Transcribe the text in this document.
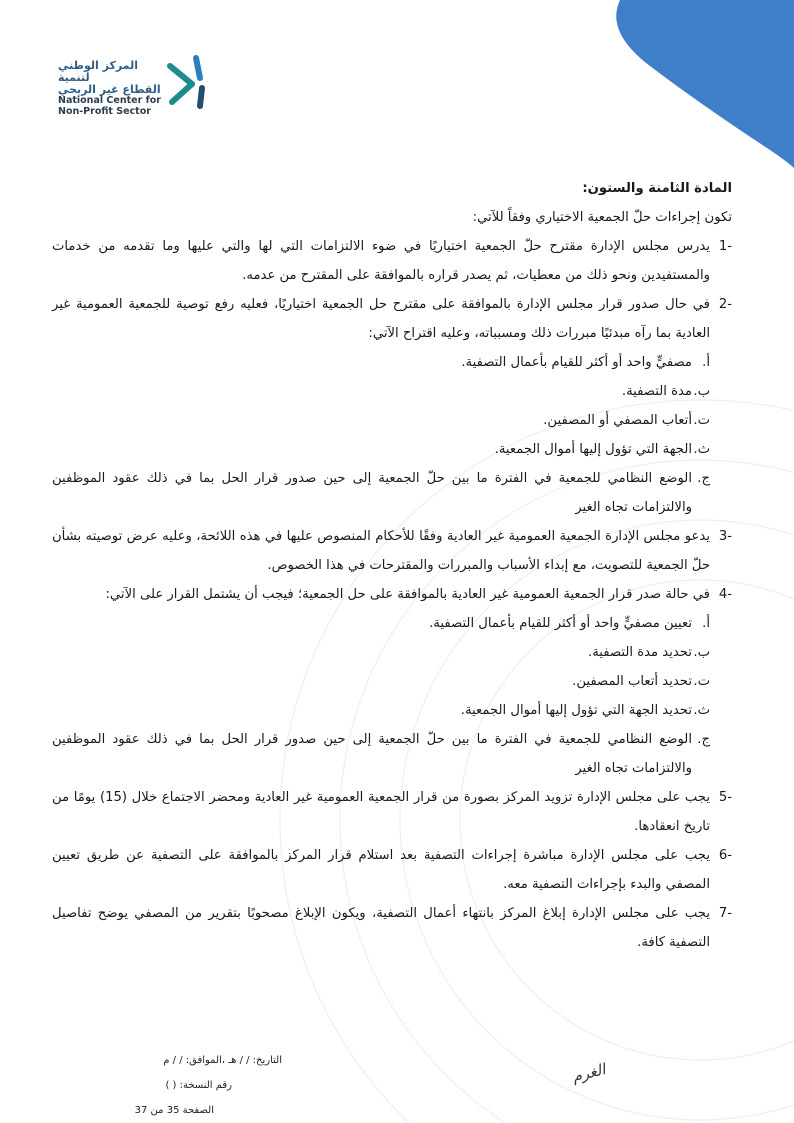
المركز الوطني لتنمية
القطاع غير الربحي
National Center for
Non-Profit Sector

المادة الثامنة والستون:

تكون إجراءات حلّ الجمعية الاختياري وفقاً للآتي:

-1
يدرس مجلس الإدارة مقترح حلّ الجمعية اختياريًا في ضوء الالتزامات التي لها والتي عليها وما تقدمه من خدمات والمستفيدين ونحو ذلك من معطيات، ثم يصدر قراره بالموافقة على المقترح من عدمه.
-2
في حال صدور قرار مجلس الإدارة بالموافقة على مقترح حل الجمعية اختياريًا، فعليه رفع توصية للجمعية العمومية غير العادية بما رآه مبدئيًا مبررات ذلك ومسبباته، وعليه اقتراح الآتي:
أ.
مصفيٍّ واحد أو أكثر للقيام بأعمال التصفية.
ب.
مدة التصفية.
ت.
أتعاب المصفي أو المصفين.
ث.
الجهة التي تؤول إليها أموال الجمعية.
ج.
الوضع النظامي للجمعية في الفترة ما بين حلّ الجمعية إلى حين صدور قرار الحل بما في ذلك عقود الموظفين والالتزامات تجاه الغير
-3
يدعو مجلس الإدارة الجمعية العمومية غير العادية وفقًا للأحكام المنصوص عليها في هذه اللائحة، وعليه عرض توصيته بشأن حلّ الجمعية للتصويت، مع إبداء الأسباب والمبررات والمقترحات في هذا الخصوص.
-4
في حالة صدر قرار الجمعية العمومية غير العادية بالموافقة على حل الجمعية؛ فيجب أن يشتمل القرار على الآتي:
أ.
تعيين مصفيٍّ واحد أو أكثر للقيام بأعمال التصفية.
ب.
تحديد مدة التصفية.
ت.
تحديد أتعاب المصفين.
ث.
تحديد الجهة التي تؤول إليها أموال الجمعية.
ج.
الوضع النظامي للجمعية في الفترة ما بين حلّ الجمعية إلى حين صدور قرار الحل بما في ذلك عقود الموظفين والالتزامات تجاه الغير
-5
يجب على مجلس الإدارة تزويد المركز بصورة من قرار الجمعية العمومية غير العادية ومحضر الاجتماع خلال (15) يومًا من تاريخ انعقادها.
-6
يجب على مجلس الإدارة مباشرة إجراءات التصفية بعد استلام قرار المركز بالموافقة على التصفية عن طريق تعيين المصفي والبدء بإجراءات التصفية معه.
-7
يجب على مجلس الإدارة إبلاغ المركز بانتهاء أعمال التصفية، ويكون الإبلاغ مصحوبًا بتقرير من المصفي يوضح تفاصيل التصفية كافة.
التاريخ: / / هـ ،الموافق: / / م
رقم النسخة: ( )
الصفحة 35 من 37
الغرم
